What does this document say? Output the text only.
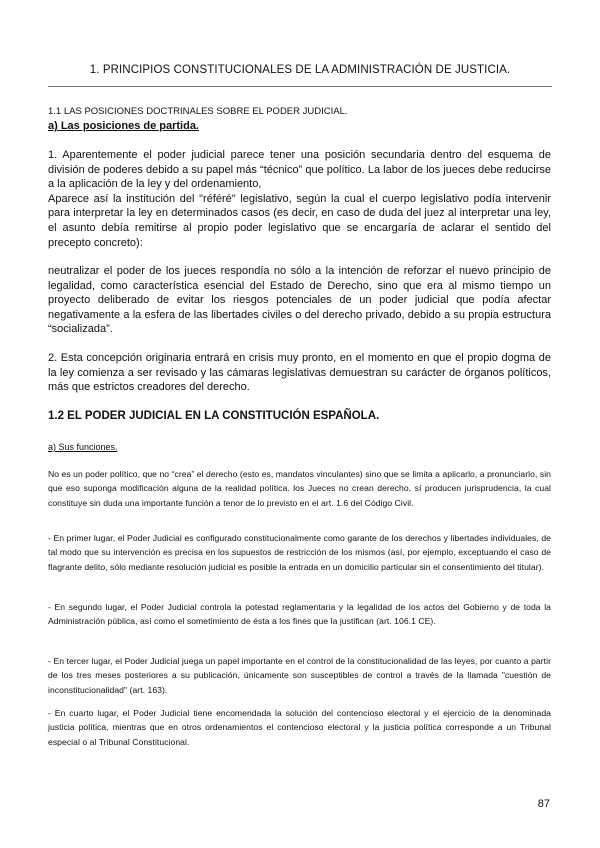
1. PRINCIPIOS CONSTITUCIONALES DE LA ADMINISTRACIÓN DE JUSTICIA.
1.1 LAS POSICIONES DOCTRINALES SOBRE EL PODER JUDICIAL.
a) Las posiciones de partida.

1. Aparentemente el poder judicial parece tener una posición secundaria dentro del esquema de división de poderes debido a su papel más “técnico” que político. La labor de los jueces debe reducirse a la aplicación de la ley y del ordenamiento,
Aparece así la institución del "référé" legislativo, según la cual el cuerpo legislativo podía intervenir para interpretar la ley en determinados casos (es decir, en caso de duda del juez al interpretar una ley, el asunto debía remitirse al propio poder legislativo que se encargaría de aclarar el sentido del precepto concreto):

neutralizar el poder de los jueces respondía no sólo a la intención de reforzar el nuevo principio de legalidad, como característica esencial del Estado de Derecho, sino que era al mismo tiempo un proyecto deliberado de evitar los riesgos potenciales de un poder judicial que podía afectar negativamente a la esfera de las libertades civiles o del derecho privado, debido a su propia estructura “socializada”.

2. Esta concepción originaria entrará en crisis muy pronto, en el momento en que el propio dogma de la ley comienza a ser revisado y las cámaras legislativas demuestran su carácter de órganos políticos, más que estrictos creadores del derecho.

1.2 EL PODER JUDICIAL EN LA CONSTITUCIÓN ESPAÑOLA.
a) Sus funciones.

No es un poder político, que no “crea” el derecho (esto es, mandatos vinculantes) sino que se limita a aplicarlo, a pronunciarlo, sin que eso suponga modificación alguna de la realidad política. los Jueces no crean derecho, sí producen jurisprudencia, la cual constituye sin duda una importante función a tenor de lo previsto en el art. 1.6 del Código Civil.

- En primer lugar, el Poder Judicial es configurado constitucionalmente como garante de los derechos y libertades individuales, de tal modo que su intervención es precisa en los supuestos de restricción de los mismos (así, por ejemplo, exceptuando el caso de flagrante delito, sólo mediante resolución judicial es posible la entrada en un domicilio particular sin el consentimiento del titular).

- En segundo lugar, el Poder Judicial controla la potestad reglamentaria y la legalidad de los actos del Gobierno y de toda la Administración pública, así como el sometimiento de ésta a los fines que la justifican (art. 106.1 CE).

- En tercer lugar, el Poder Judicial juega un papel importante en el control de la constitucionalidad de las leyes, por cuanto a partir de los tres meses posteriores a su publicación, únicamente son susceptibles de control a través de la llamada "cuestión de inconstitucionalidad" (art. 163).

- En cuarto lugar, el Poder Judicial tiene encomendada la solución del contencioso electoral y el ejercicio de la denominada justicia política, mientras que en otros ordenamientos el contencioso electoral y la justicia política corresponde a un Tribunal especial o al Tribunal Constitucional.

87
